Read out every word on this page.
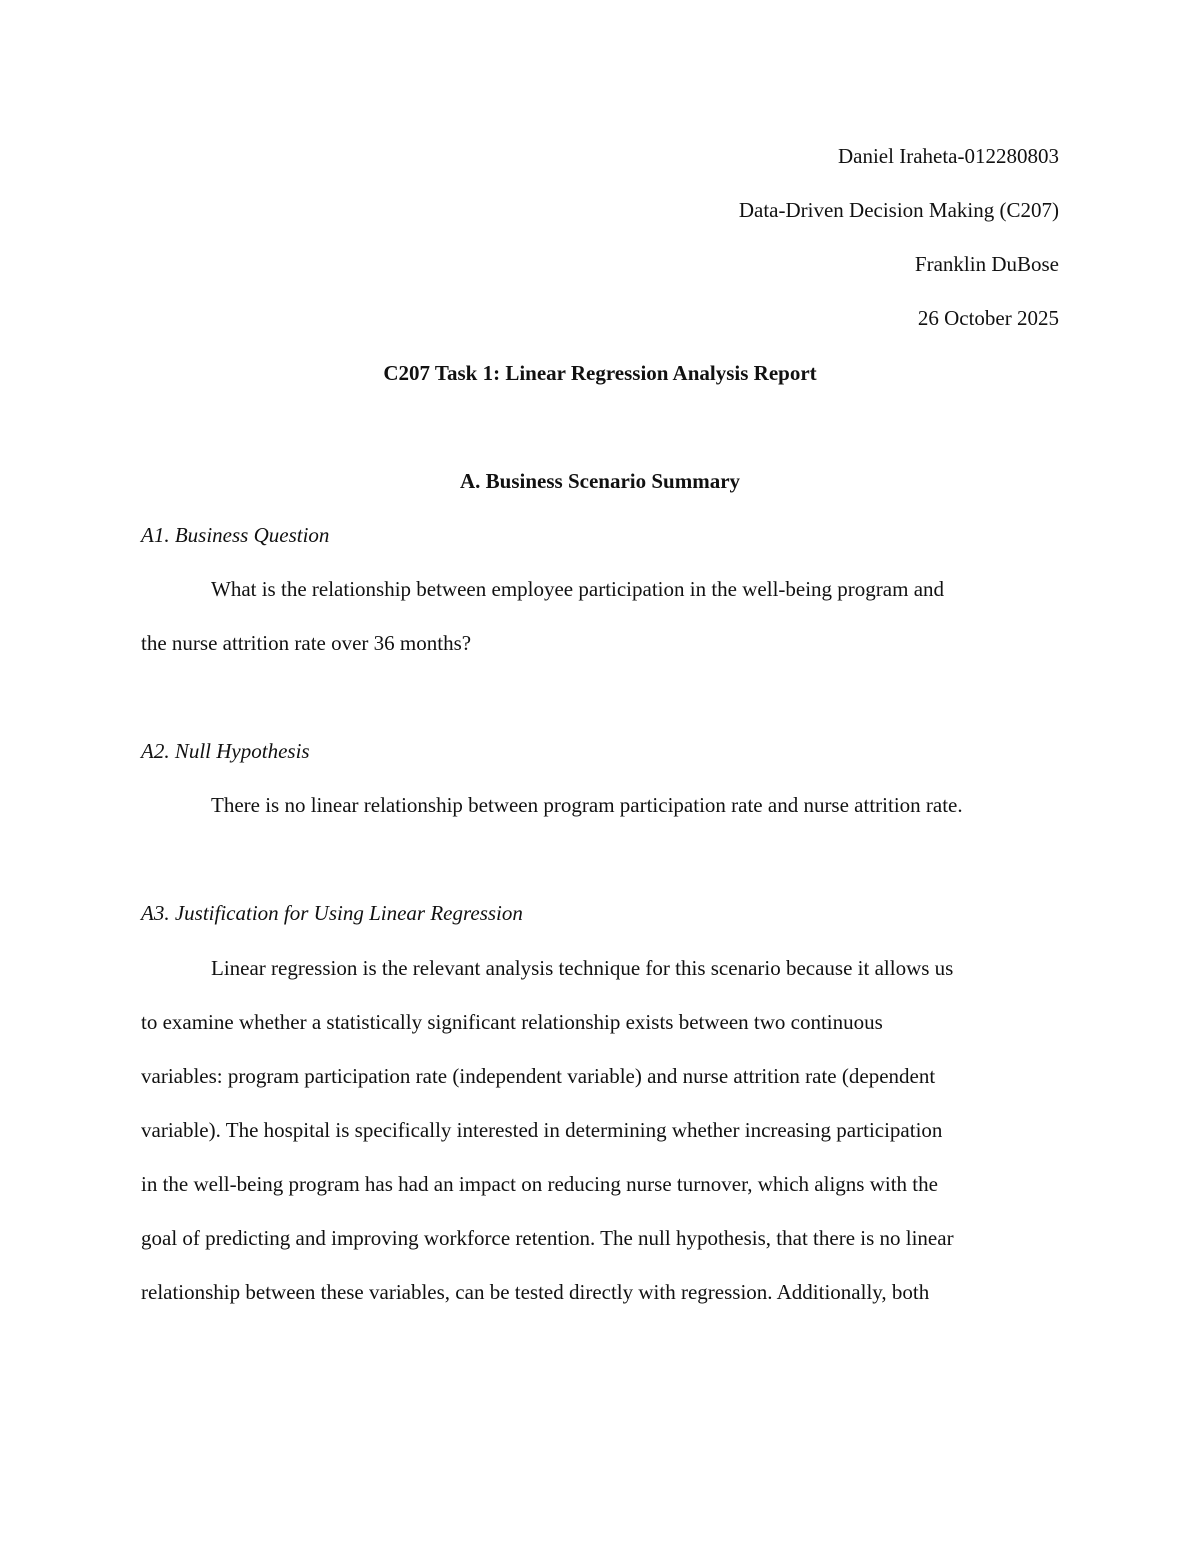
Daniel Iraheta-012280803
Data-Driven Decision Making (C207)
Franklin DuBose
26 October 2025
C207 Task 1: Linear Regression Analysis Report
A. Business Scenario Summary
A1. Business Question
What is the relationship between employee participation in the well-being program and
the nurse attrition rate over 36 months?
A2. Null Hypothesis
There is no linear relationship between program participation rate and nurse attrition rate.
A3. Justification for Using Linear Regression
Linear regression is the relevant analysis technique for this scenario because it allows us
to examine whether a statistically significant relationship exists between two continuous
variables: program participation rate (independent variable) and nurse attrition rate (dependent
variable). The hospital is specifically interested in determining whether increasing participation
in the well-being program has had an impact on reducing nurse turnover, which aligns with the
goal of predicting and improving workforce retention. The null hypothesis, that there is no linear
relationship between these variables, can be tested directly with regression. Additionally, both
